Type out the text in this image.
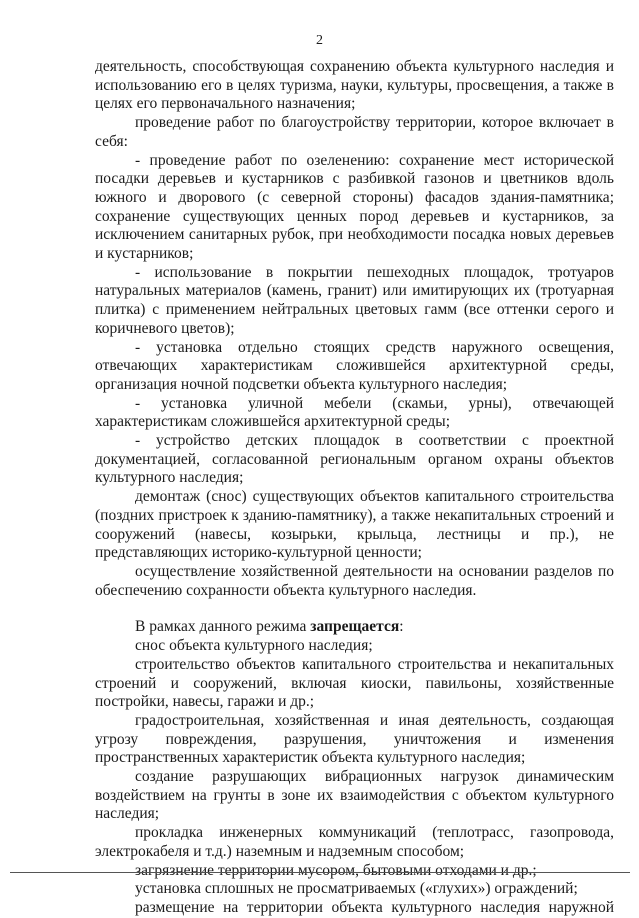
2

деятельность, способствующая сохранению объекта культурного наследия и использованию его в целях туризма, науки, культуры, просвещения, а также в целях его первоначального назначения;

проведение работ по благоустройству территории, которое включает в себя:

- проведение работ по озеленению: сохранение мест исторической посадки деревьев и кустарников с разбивкой газонов и цветников вдоль южного и дворового (с северной стороны) фасадов здания-памятника; сохранение существующих ценных пород деревьев и кустарников, за исключением санитарных рубок, при необходимости посадка новых деревьев и кустарников;

- использование в покрытии пешеходных площадок, тротуаров натуральных материалов (камень, гранит) или имитирующих их (тротуарная плитка) с применением нейтральных цветовых гамм (все оттенки серого и коричневого цветов);

- установка отдельно стоящих средств наружного освещения, отвечающих характеристикам сложившейся архитектурной среды, организация ночной подсветки объекта культурного наследия;

- установка уличной мебели (скамьи, урны), отвечающей характеристикам сложившейся архитектурной среды;

- устройство детских площадок в соответствии с проектной документацией, согласованной региональным органом охраны объектов культурного наследия;

демонтаж (снос) существующих объектов капитального строительства (поздних пристроек к зданию-памятнику), а также некапитальных строений и сооружений (навесы, козырьки, крыльца, лестницы и пр.), не представляющих историко-культурной ценности;

осуществление хозяйственной деятельности на основании разделов по обеспечению сохранности объекта культурного наследия.

В рамках данного режима запрещается:

снос объекта культурного наследия;

строительство объектов капитального строительства и некапитальных строений и сооружений, включая киоски, павильоны, хозяйственные постройки, навесы, гаражи и др.;

градостроительная, хозяйственная и иная деятельность, создающая угрозу повреждения, разрушения, уничтожения и изменения пространственных характеристик объекта культурного наследия;

создание разрушающих вибрационных нагрузок динамическим воздействием на грунты в зоне их взаимодействия с объектом культурного наследия;

прокладка инженерных коммуникаций (теплотрасс, газопровода, электрокабеля и т.д.) наземным и надземным способом;

загрязнение территории мусором, бытовыми отходами и др.;

установка сплошных не просматриваемых («глухих») ограждений;

размещение на территории объекта культурного наследия наружной
